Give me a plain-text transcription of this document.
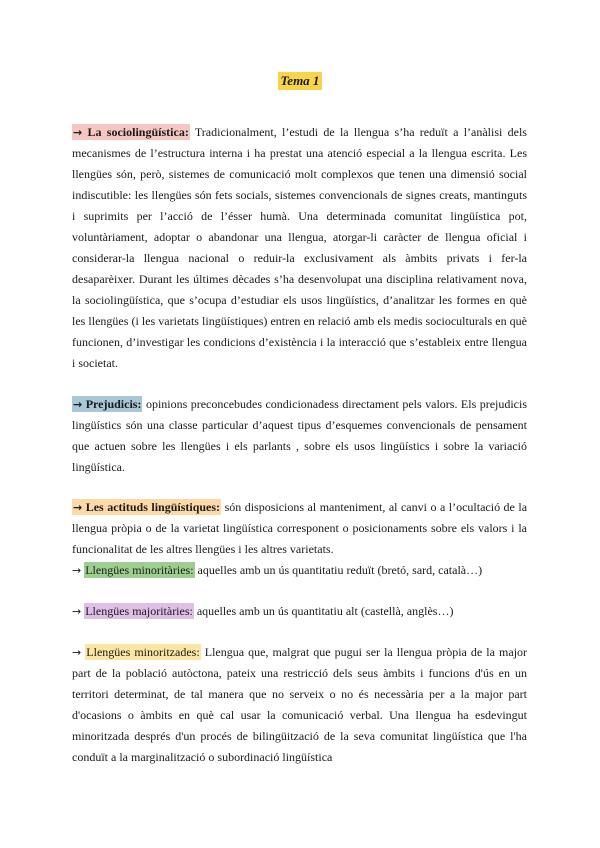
Tema 1
→ La sociolingüística: Tradicionalment, l’estudi de la llengua s’ha reduït a l’anàlisi dels mecanismes de l’estructura interna i ha prestat una atenció especial a la llengua escrita. Les llengües són, però, sistemes de comunicació molt complexos que tenen una dimensió social indiscutible: les llengües són fets socials, sistemes convencionals de signes creats, mantinguts i suprimits per l’acció de l’ésser humà. Una determinada comunitat lingüística pot, voluntàriament, adoptar o abandonar una llengua, atorgar-li caràcter de llengua oficial i considerar-la llengua nacional o reduir-la exclusivament als àmbits privats i fer-la desaparèixer. Durant les últimes dècades s’ha desenvolupat una disciplina relativament nova, la sociolingüística, que s’ocupa d’estudiar els usos lingüístics, d’analitzar les formes en què les llengües (i les varietats lingüístiques) entren en relació amb els medis socioculturals en què funcionen, d’investigar les condicions d’existència i la interacció que s’estableix entre llengua i societat.
→ Prejudicis: opinions preconcebudes condicionadess directament pels valors. Els prejudicis lingüístics són una classe particular d’aquest tipus d’esquemes convencionals de pensament que actuen sobre les llengües i els parlants , sobre els usos lingüístics i sobre la variació lingüística.
→ Les actituds lingüístiques: són disposicions al manteniment, al canvi o a l’ocultació de la llengua pròpia o de la varietat lingüística corresponent o posicionaments sobre els valors i la funcionalitat de les altres llengües i les altres varietats.
→ Llengües minoritàries: aquelles amb un ús quantitatiu reduït (bretó, sard, català…)
→ Llengües majoritàries: aquelles amb un ús quantitatiu alt (castellà, anglès…)
→ Llengües minoritzades: Llengua que, malgrat que pugui ser la llengua pròpia de la major part de la població autòctona, pateix una restricció dels seus àmbits i funcions d'ús en un territori determinat, de tal manera que no serveix o no és necessària per a la major part d'ocasions o àmbits en què cal usar la comunicació verbal. Una llengua ha esdevingut minoritzada després d'un procés de bilingüització de la seva comunitat lingüística que l'ha conduït a la marginalització o subordinació lingüística
